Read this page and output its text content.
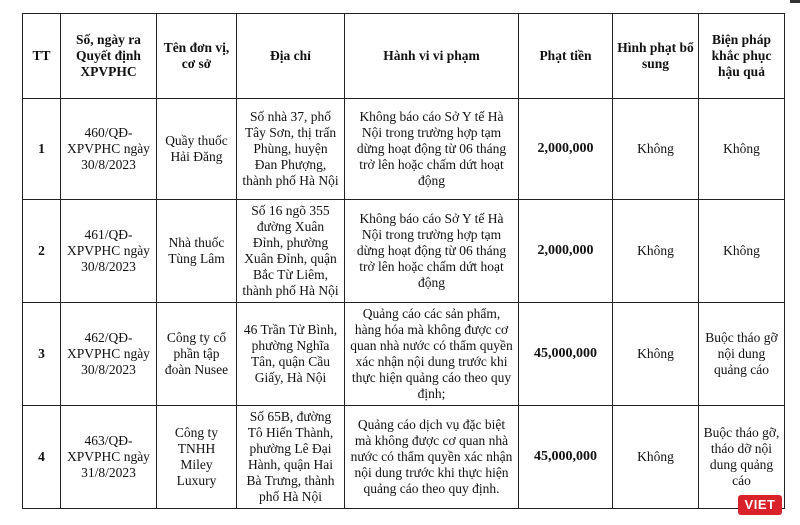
TT	Số, ngày ra Quyết định XPVPHC	Tên đơn vị, cơ sở	Địa chỉ	Hành vi vi phạm	Phạt tiền	Hình phạt bổ sung	Biện pháp khắc phục hậu quả
1	460/QĐ-XPVPHC ngày 30/8/2023	Quầy thuốc Hải Đăng	Số nhà 37, phố Tây Sơn, thị trấn Phùng, huyện Đan Phượng, thành phố Hà Nội	Không báo cáo Sở Y tế Hà Nội trong trường hợp tạm dừng hoạt động từ 06 tháng trở lên hoặc chấm dứt hoạt động	2,000,000	Không	Không
2	461/QĐ-XPVPHC ngày 30/8/2023	Nhà thuốc Tùng Lâm	Số 16 ngõ 355 đường Xuân Đỉnh, phường Xuân Đỉnh, quận Bắc Từ Liêm, thành phố Hà Nội	Không báo cáo Sở Y tế Hà Nội trong trường hợp tạm dừng hoạt động từ 06 tháng trở lên hoặc chấm dứt hoạt động	2,000,000	Không	Không
3	462/QĐ-XPVPHC ngày 30/8/2023	Công ty cổ phần tập đoàn Nusee	46 Trần Tử Bình, phường Nghĩa Tân, quận Cầu Giấy, Hà Nội	Quảng cáo các sản phẩm, hàng hóa mà không được cơ quan nhà nước có thẩm quyền xác nhận nội dung trước khi thực hiện quảng cáo theo quy định;	45,000,000	Không	Buộc tháo gỡ nội dung quảng cáo
4	463/QĐ-XPVPHC ngày 31/8/2023	Công ty TNHH Miley Luxury	Số 65B, đường Tô Hiến Thành, phường Lê Đại Hành, quận Hai Bà Trưng, thành phố Hà Nội	Quảng cáo dịch vụ đặc biệt mà không được cơ quan nhà nước có thẩm quyền xác nhận nội dung trước khi thực hiện quảng cáo theo quy định.	45,000,000	Không	Buộc tháo gỡ, tháo dỡ nội dung quảng cáo
VIET
